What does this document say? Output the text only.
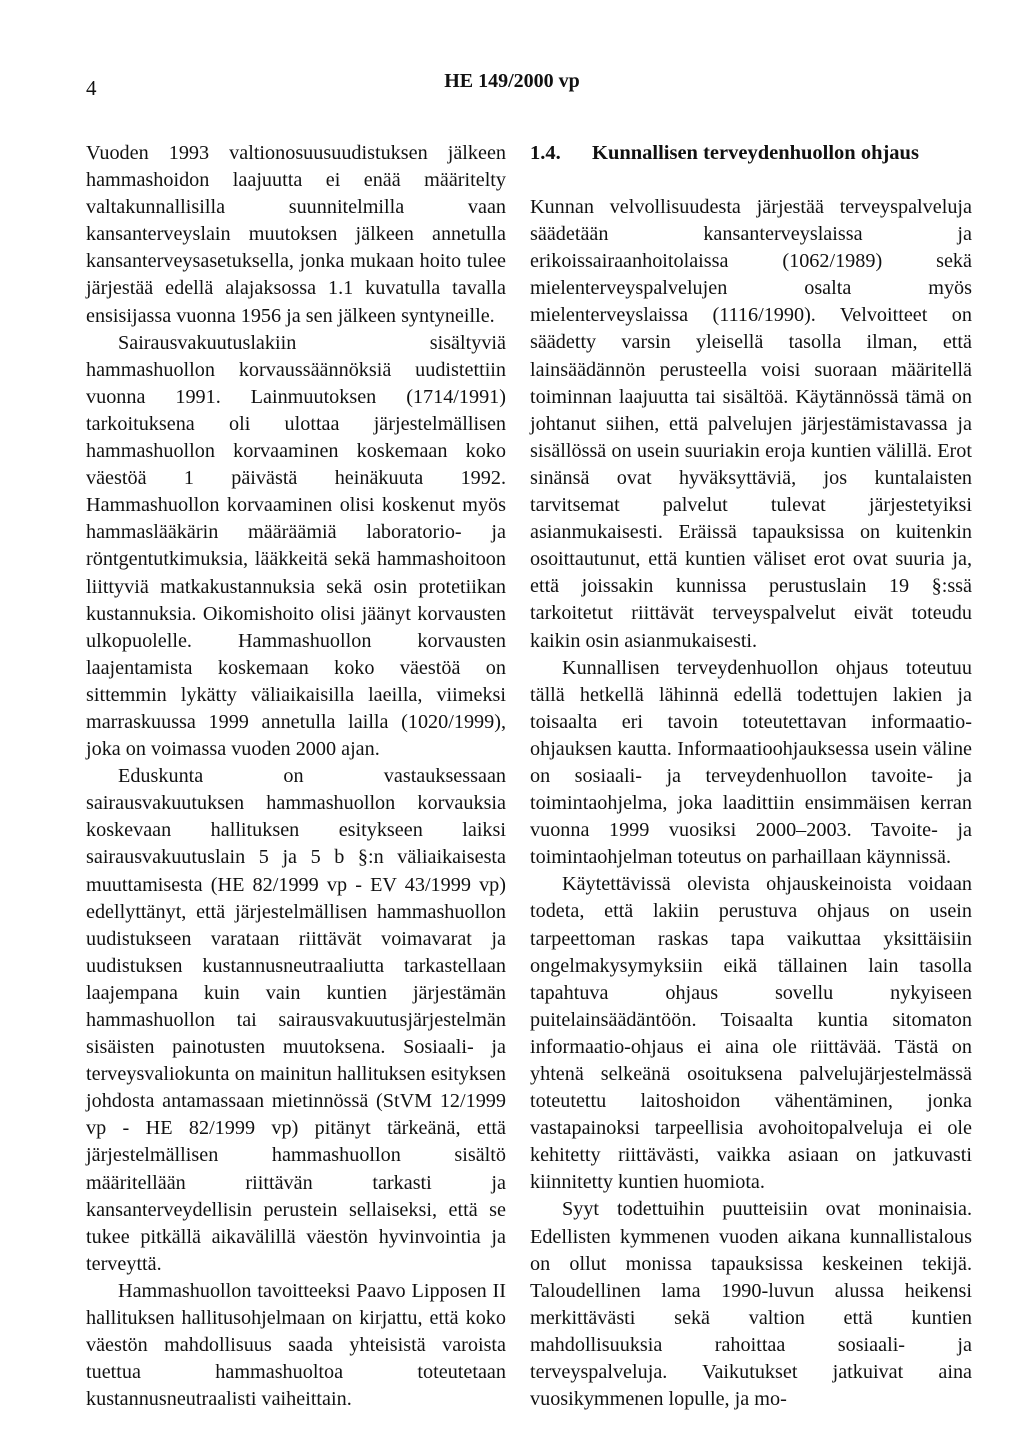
4	HE 149/2000 vp

Vuoden 1993 valtionosuusuudistuksen jälkeen hammashoidon laajuutta ei enää määritelty valtakunnallisilla suunnitelmilla vaan kansanterveyslain muutoksen jälkeen annetulla kansanterveysasetuksella, jonka mukaan hoito tulee järjestää edellä alajaksossa 1.1 kuvatulla tavalla ensisijassa vuonna 1956 ja sen jälkeen syntyneille.

Sairausvakuutuslakiin sisältyviä hammashuollon korvaussäännöksiä uudistettiin vuonna 1991. Lainmuutoksen (1714/1991) tarkoituksena oli ulottaa järjestelmällisen hammashuollon korvaaminen koskemaan koko väestöä 1 päivästä heinäkuuta 1992. Hammashuollon korvaaminen olisi koskenut myös hammaslääkärin määräämiä laboratorio- ja röntgentutkimuksia, lääkkeitä sekä hammashoitoon liittyviä matkakustannuksia sekä osin protetiikan kustannuksia. Oikomishoito olisi jäänyt korvausten ulkopuolelle. Hammashuollon korvausten laajentamista koskemaan koko väestöä on sittemmin lykätty väliaikaisilla laeilla, viimeksi marraskuussa 1999 annetulla lailla (1020/1999), joka on voimassa vuoden 2000 ajan.

Eduskunta on vastauksessaan sairausvakuutuksen hammashuollon korvauksia koskevaan hallituksen esitykseen laiksi sairausvakuutuslain 5 ja 5 b §:n väliaikaisesta muuttamisesta (HE 82/1999 vp - EV 43/1999 vp) edellyttänyt, että järjestelmällisen hammashuollon uudistukseen varataan riittävät voimavarat ja uudistuksen kustannusneutraaliutta tarkastellaan laajempana kuin vain kuntien järjestämän hammashuollon tai sairausvakuutusjärjestelmän sisäisten painotusten muutoksena. Sosiaali- ja terveysvaliokunta on mainitun hallituksen esityksen johdosta antamassaan mietinnössä (StVM 12/1999 vp - HE 82/1999 vp) pitänyt tärkeänä, että järjestelmällisen hammashuollon sisältö määritellään riittävän tarkasti ja kansanterveydellisin perustein sellaiseksi, että se tukee pitkällä aikavälillä väestön hyvinvointia ja terveyttä.

Hammashuollon tavoitteeksi Paavo Lipposen II hallituksen hallitusohjelmaan on kirjattu, että koko väestön mahdollisuus saada yhteisistä varoista tuettua hammashuoltoa toteutetaan kustannusneutraalisti vaiheittain.

1.4.	Kunnallisen terveydenhuollon ohjaus

Kunnan velvollisuudesta järjestää terveyspalveluja säädetään kansanterveyslaissa ja erikoissairaanhoitolaissa (1062/1989) sekä mielenterveyspalvelujen osalta myös mielenterveyslaissa (1116/1990). Velvoitteet on säädetty varsin yleisellä tasolla ilman, että lainsäädännön perusteella voisi suoraan määritellä toiminnan laajuutta tai sisältöä. Käytännössä tämä on johtanut siihen, että palvelujen järjestämistavassa ja sisällössä on usein suuriakin eroja kuntien välillä. Erot sinänsä ovat hyväksyttäviä, jos kuntalaisten tarvitsemat palvelut tulevat järjestetyiksi asianmukaisesti. Eräissä tapauksissa on kuitenkin osoittautunut, että kuntien väliset erot ovat suuria ja, että joissakin kunnissa perustuslain 19 §:ssä tarkoitetut riittävät terveyspalvelut eivät toteudu kaikin osin asianmukaisesti.

Kunnallisen terveydenhuollon ohjaus toteutuu tällä hetkellä lähinnä edellä todettujen lakien ja toisaalta eri tavoin toteutettavan informaatio-ohjauksen kautta. Informaatioohjauksessa usein väline on sosiaali- ja terveydenhuollon tavoite- ja toimintaohjelma, joka laadittiin ensimmäisen kerran vuonna 1999 vuosiksi 2000–2003. Tavoite- ja toimintaohjelman toteutus on parhaillaan käynnissä.

Käytettävissä olevista ohjauskeinoista voidaan todeta, että lakiin perustuva ohjaus on usein tarpeettoman raskas tapa vaikuttaa yksittäisiin ongelmakysymyksiin eikä tällainen lain tasolla tapahtuva ohjaus sovellu nykyiseen puitelainsäädäntöön. Toisaalta kuntia sitomaton informaatio-ohjaus ei aina ole riittävää. Tästä on yhtenä selkeänä osoituksena palvelujärjestelmässä toteutettu laitoshoidon vähentäminen, jonka vastapainoksi tarpeellisia avohoitopalveluja ei ole kehitetty riittävästi, vaikka asiaan on jatkuvasti kiinnitetty kuntien huomiota.

Syyt todettuihin puutteisiin ovat moninaisia. Edellisten kymmenen vuoden aikana kunnallistalous on ollut monissa tapauksissa keskeinen tekijä. Taloudellinen lama 1990-luvun alussa heikensi merkittävästi sekä valtion että kuntien mahdollisuuksia rahoittaa sosiaali- ja terveyspalveluja. Vaikutukset jatkuivat aina vuosikymmenen lopulle, ja mo-
